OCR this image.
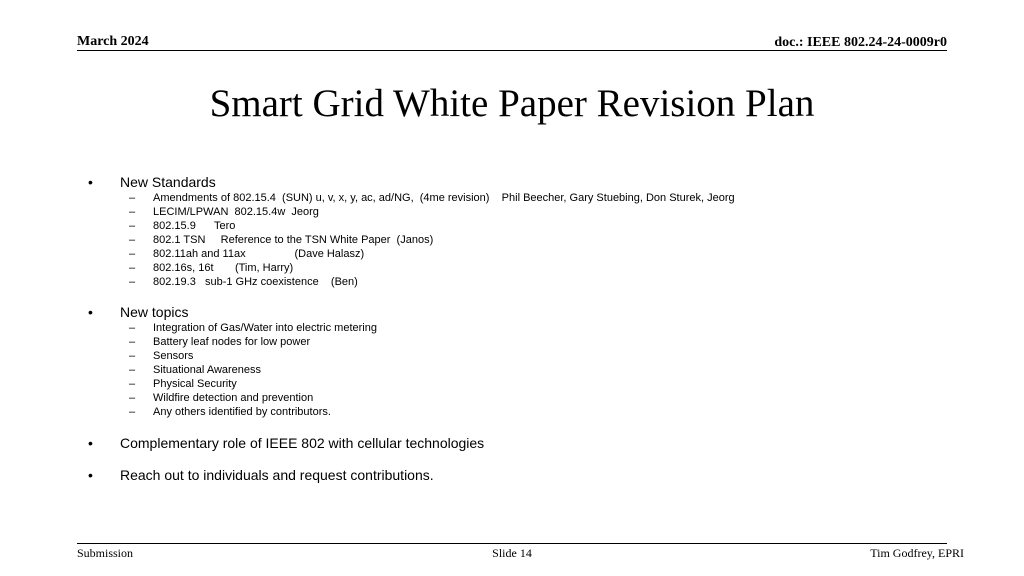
March 2024	doc.: IEEE 802.24-24-0009r0
Smart Grid White Paper Revision Plan
• New Standards
– Amendments of 802.15.4  (SUN) u, v, x, y, ac, ad/NG,  (4me revision)    Phil Beecher, Gary Stuebing, Don Sturek, Jeorg
– LECIM/LPWAN  802.15.4w  Jeorg
– 802.15.9      Tero
– 802.1 TSN     Reference to the TSN White Paper  (Janos)
– 802.11ah and 11ax                (Dave Halasz)
– 802.16s, 16t       (Tim, Harry)
– 802.19.3   sub-1 GHz coexistence    (Ben)
• New topics
– Integration of Gas/Water into electric metering
– Battery leaf nodes for low power
– Sensors
– Situational Awareness
– Physical Security
– Wildfire detection and prevention
– Any others identified by contributors.
• Complementary role of IEEE 802 with cellular technologies
• Reach out to individuals and request contributions.
Submission	Slide 14	Tim Godfrey, EPRI
